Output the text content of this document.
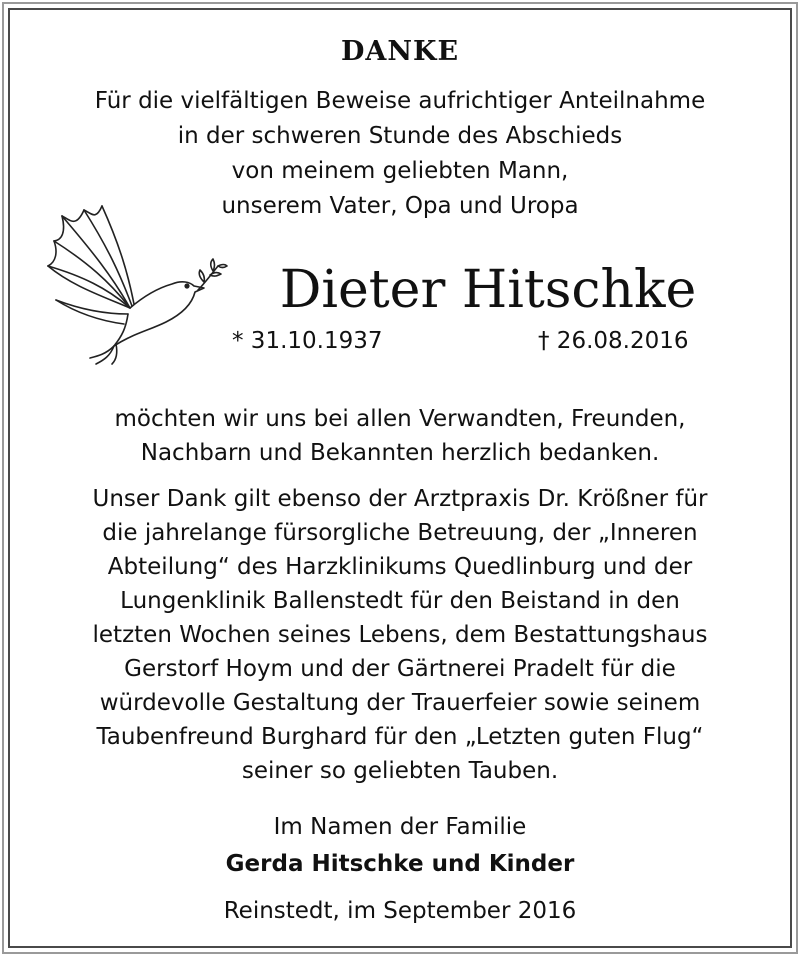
DANKE
Für die vielfältigen Beweise aufrichtiger Anteilnahme
in der schweren Stunde des Abschieds
von meinem geliebten Mann,
unserem Vater, Opa und Uropa
Dieter Hitschke
* 31.10.1937	† 26.08.2016
möchten wir uns bei allen Verwandten, Freunden,
Nachbarn und Bekannten herzlich bedanken.
Unser Dank gilt ebenso der Arztpraxis Dr. Krößner für
die jahrelange fürsorgliche Betreuung, der „Inneren
Abteilung“ des Harzklinikums Quedlinburg und der
Lungenklinik Ballenstedt für den Beistand in den
letzten Wochen seines Lebens, dem Bestattungshaus
Gerstorf Hoym und der Gärtnerei Pradelt für die
würdevolle Gestaltung der Trauerfeier sowie seinem
Taubenfreund Burghard für den „Letzten guten Flug“
seiner so geliebten Tauben.
Im Namen der Familie
Gerda Hitschke und Kinder
Reinstedt, im September 2016
